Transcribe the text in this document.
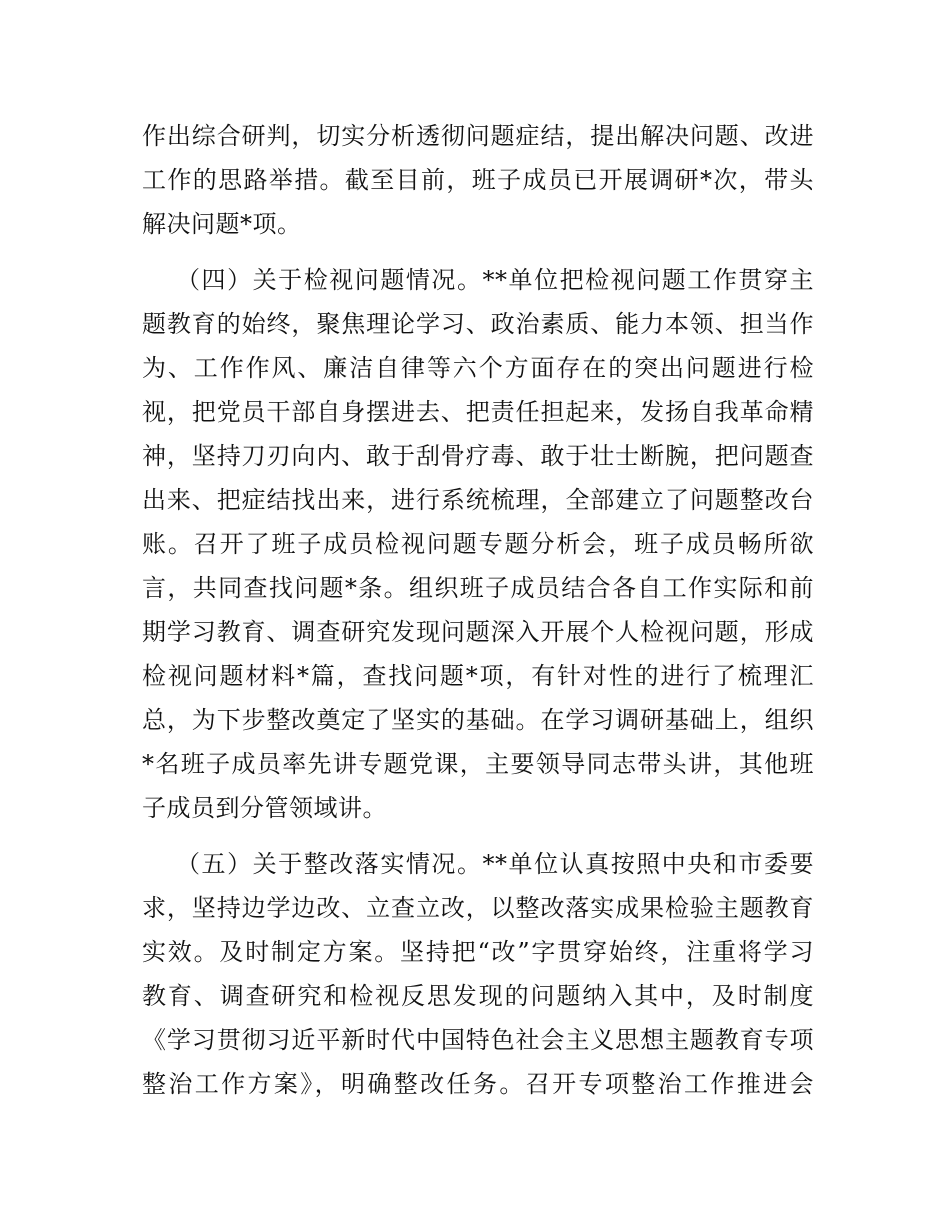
作出综合研判，切实分析透彻问题症结，提出解决问题、改进
工作的思路举措。截至目前，班子成员已开展调研*次，带头
解决问题*项。
（四）关于检视问题情况。**单位把检视问题工作贯穿主
题教育的始终，聚焦理论学习、政治素质、能力本领、担当作
为、工作作风、廉洁自律等六个方面存在的突出问题进行检
视，把党员干部自身摆进去、把责任担起来，发扬自我革命精
神，坚持刀刃向内、敢于刮骨疗毒、敢于壮士断腕，把问题查
出来、把症结找出来，进行系统梳理，全部建立了问题整改台
账。召开了班子成员检视问题专题分析会，班子成员畅所欲
言，共同查找问题*条。组织班子成员结合各自工作实际和前
期学习教育、调查研究发现问题深入开展个人检视问题，形成
检视问题材料*篇，查找问题*项，有针对性的进行了梳理汇
总，为下步整改奠定了坚实的基础。在学习调研基础上，组织
*名班子成员率先讲专题党课，主要领导同志带头讲，其他班
子成员到分管领域讲。
（五）关于整改落实情况。**单位认真按照中央和市委要
求，坚持边学边改、立查立改，以整改落实成果检验主题教育
实效。及时制定方案。坚持把“改”字贯穿始终，注重将学习
教育、调查研究和检视反思发现的问题纳入其中，及时制度
《学习贯彻习近平新时代中国特色社会主义思想主题教育专项
整治工作方案》，明确整改任务。召开专项整治工作推进会
